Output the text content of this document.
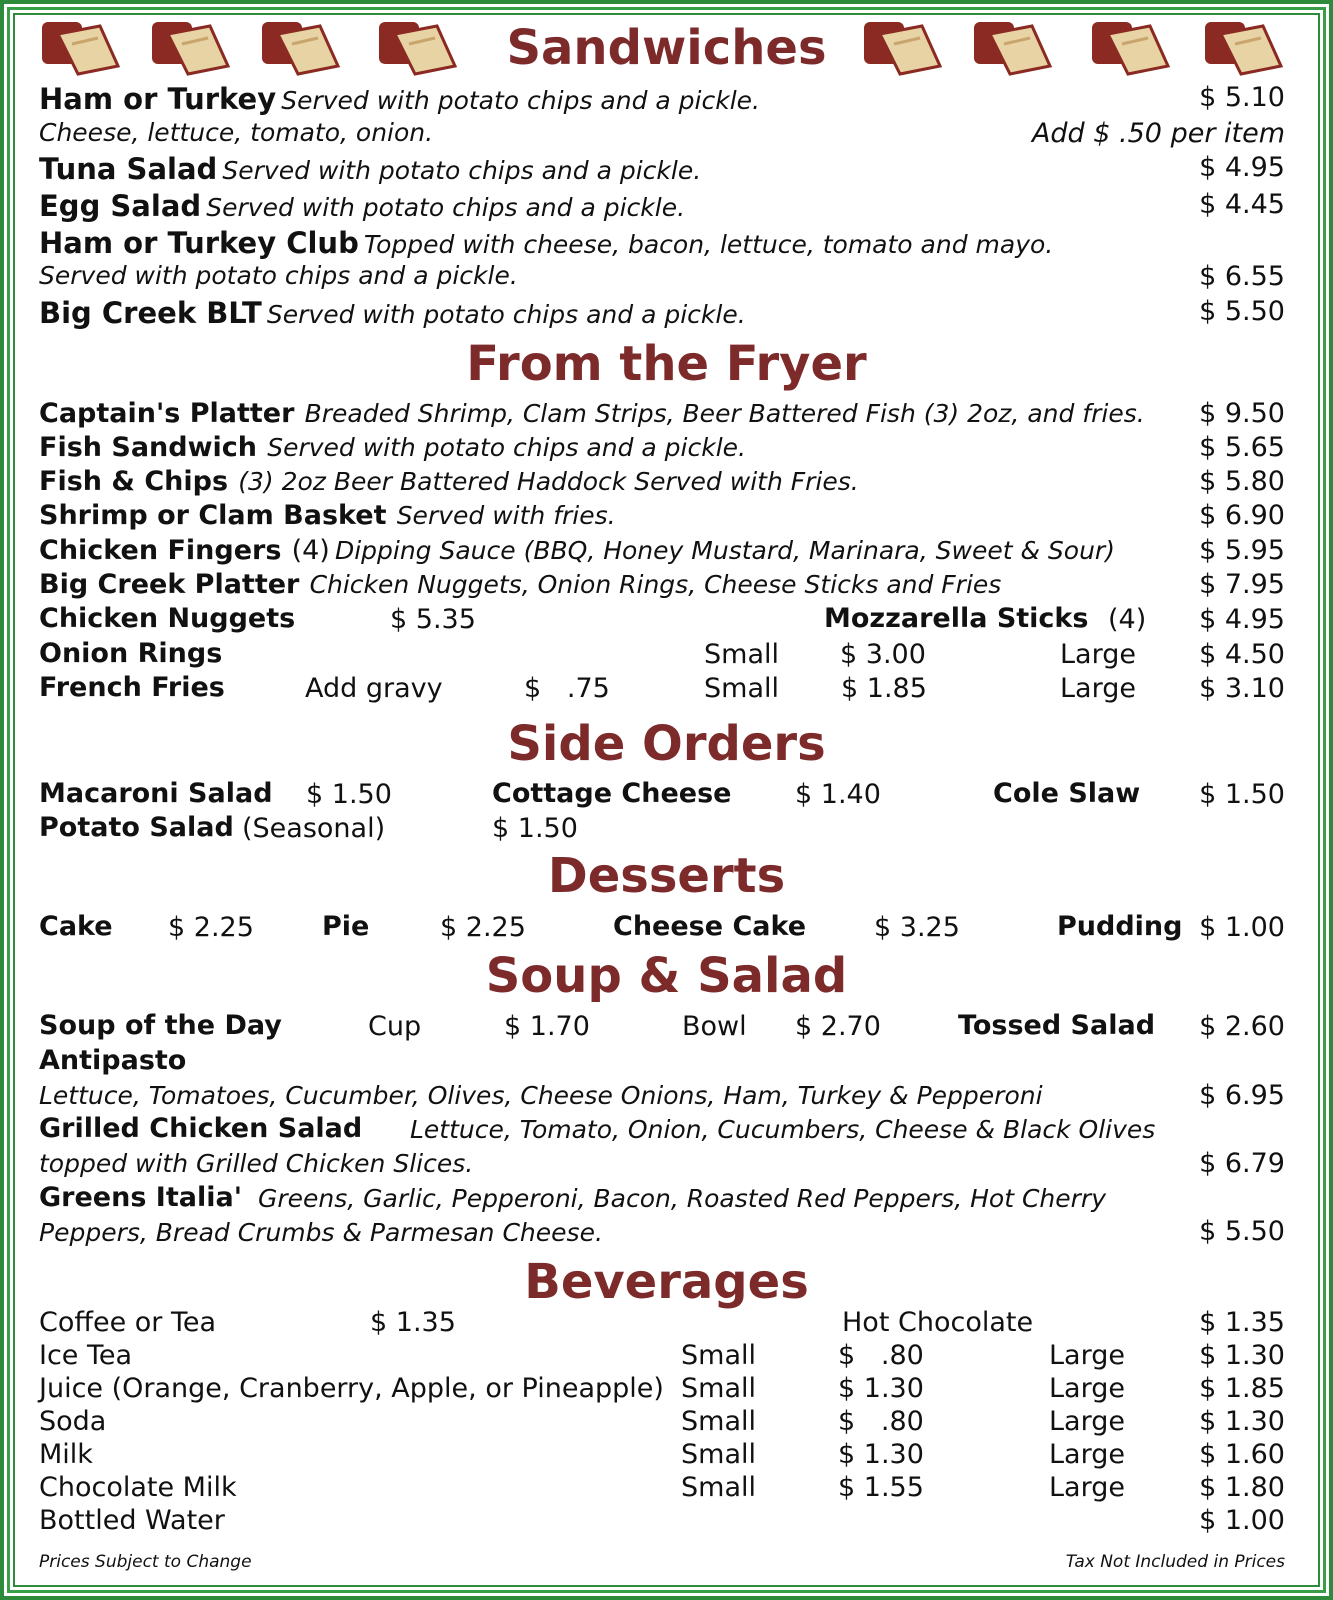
Sandwiches
Ham or Turkey Served with potato chips and a pickle.	$ 5.10
Cheese, lettuce, tomato, onion.	Add $ .50 per item
Tuna Salad Served with potato chips and a pickle.	$ 4.95
Egg Salad Served with potato chips and a pickle.	$ 4.45
Ham or Turkey Club Topped with cheese, bacon, lettuce, tomato and mayo.
Served with potato chips and a pickle.	$ 6.55
Big Creek BLT Served with potato chips and a pickle.	$ 5.50
From the Fryer
Captain's Platter Breaded Shrimp, Clam Strips, Beer Battered Fish (3) 2oz, and fries. $ 9.50
Fish Sandwich Served with potato chips and a pickle.	$ 5.65
Fish & Chips (3) 2oz Beer Battered Haddock Served with Fries.	$ 5.80
Shrimp or Clam Basket Served with fries.	$ 6.90
Chicken Fingers (4) Dipping Sauce (BBQ, Honey Mustard, Marinara, Sweet & Sour)	$ 5.95
Big Creek Platter Chicken Nuggets, Onion Rings, Cheese Sticks and Fries	$ 7.95
Chicken Nuggets	$ 5.35	Mozzarella Sticks (4) $ 4.95
Onion Rings	Small $ 3.00	Large $ 4.50
French Fries	Add gravy	$   .75	Small $ 1.85	Large $ 3.10
Side Orders
Macaroni Salad $ 1.50	Cottage Cheese $ 1.40	Cole Slaw $ 1.50
Potato Salad (Seasonal)	$ 1.50
Desserts
Cake $ 2.25	Pie	$ 2.25	Cheese Cake	$ 3.25	Pudding $ 1.00
Soup & Salad
Soup of the Day	Cup	$ 1.70	Bowl $ 2.70	Tossed Salad $ 2.60
Antipasto
Lettuce, Tomatoes, Cucumber, Olives, Cheese Onions, Ham, Turkey & Pepperoni	$ 6.95
Grilled Chicken Salad Lettuce, Tomato, Onion, Cucumbers, Cheese & Black Olives
topped with Grilled Chicken Slices.	$ 6.79
Greens Italia' Greens, Garlic, Pepperoni, Bacon, Roasted Red Peppers, Hot Cherry
Peppers, Bread Crumbs & Parmesan Cheese.	$ 5.50
Beverages
Coffee or Tea	$ 1.35	Hot Chocolate	$ 1.35
Ice Tea	Small	$   .80	Large	$ 1.30
Juice (Orange, Cranberry, Apple, or Pineapple) Small	$ 1.30	Large	$ 1.85
Soda	Small	$   .80	Large	$ 1.30
Milk	Small	$ 1.30	Large	$ 1.60
Chocolate Milk	Small	$ 1.55	Large	$ 1.80
Bottled Water	$ 1.00
Prices Subject to Change	Tax Not Included in Prices
